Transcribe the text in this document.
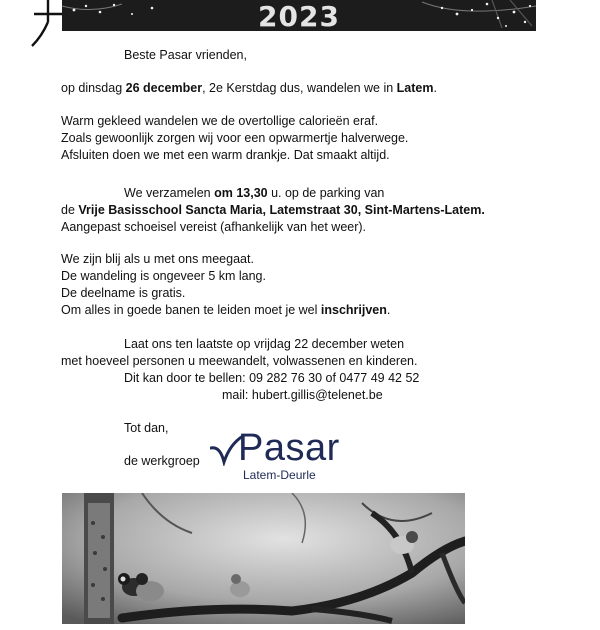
2023
Beste Pasar vrienden,
op dinsdag 26 december, 2e Kerstdag dus, wandelen we in Latem.
Warm gekleed wandelen we de overtollige calorieën eraf.
Zoals gewoonlijk zorgen wij voor een opwarmertje halverwege.
Afsluiten doen we met een warm drankje. Dat smaakt altijd.
We verzamelen om 13,30 u. op de parking van
de Vrije Basisschool Sancta Maria, Latemstraat 30, Sint-Martens-Latem.
Aangepast schoeisel vereist (afhankelijk van het weer).
We zijn blij als u met ons meegaat.
De wandeling is ongeveer 5 km lang.
De deelname is gratis.
Om alles in goede banen te leiden moet je wel inschrijven.
Laat ons ten laatste op vrijdag 22 december weten
met hoeveel personen u meewandelt, volwassenen en kinderen.
Dit kan door te bellen: 09 282 76 30 of 0477 49 42 52
mail: hubert.gillis@telenet.be
Tot dan,
de werkgroep Pasar
Latem-Deurle
